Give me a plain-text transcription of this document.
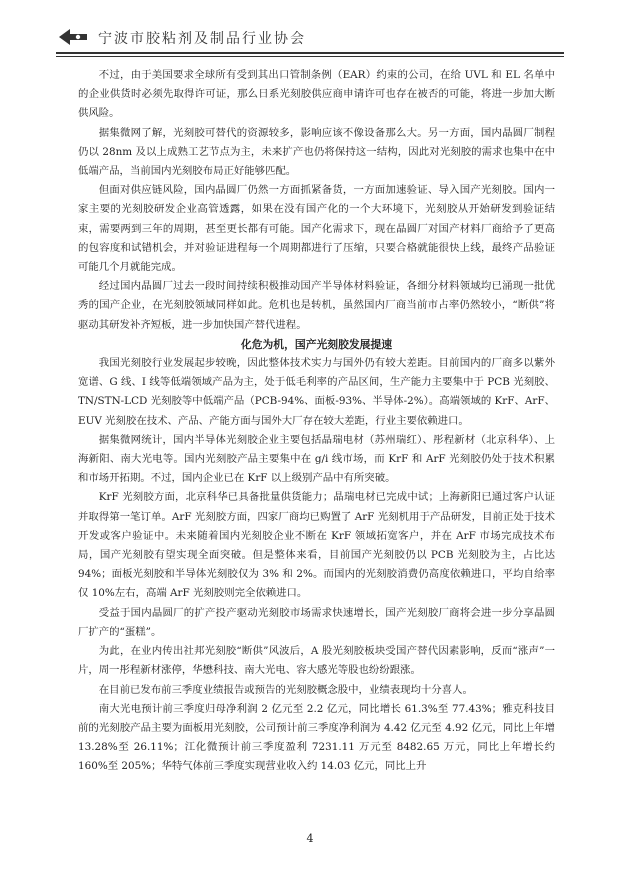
宁波市胶粘剂及制品行业协会

不过，由于美国要求全球所有受到其出口管制条例（EAR）约束的公司，在给 UVL 和 EL 名单中的企业供货时必须先取得许可证，那么日系光刻胶供应商申请许可也存在被否的可能，将进一步加大断供风险。

据集微网了解，光刻胶可替代的资源较多，影响应该不像设备那么大。另一方面，国内晶圆厂制程仍以 28nm 及以上成熟工艺节点为主，未来扩产也仍将保持这一结构，因此对光刻胶的需求也集中在中低端产品，当前国内光刻胶布局正好能够匹配。

但面对供应链风险，国内晶圆厂仍然一方面抓紧备货，一方面加速验证、导入国产光刻胶。国内一家主要的光刻胶研发企业高管透露，如果在没有国产化的一个大环境下，光刻胶从开始研发到验证结束，需要两到三年的周期，甚至更长都有可能。国产化需求下，现在晶圆厂对国产材料厂商给予了更高的包容度和试错机会，并对验证进程每一个周期都进行了压缩，只要合格就能很快上线，最终产品验证可能几个月就能完成。

经过国内晶圆厂过去一段时间持续积极推动国产半导体材料验证，各细分材料领域均已涌现一批优秀的国产企业，在光刻胶领域同样如此。危机也是转机，虽然国内厂商当前市占率仍然较小，“断供”将驱动其研发补齐短板，进一步加快国产替代进程。

化危为机，国产光刻胶发展提速

我国光刻胶行业发展起步较晚，因此整体技术实力与国外仍有较大差距。目前国内的厂商多以紫外宽谱、G 线、I 线等低端领域产品为主，处于低毛利率的产品区间，生产能力主要集中于 PCB 光刻胶、TN/STN-LCD 光刻胶等中低端产品（PCB-94%、面板-93%、半导体-2%）。高端领域的 KrF、ArF、EUV 光刻胶在技术、产品、产能方面与国外大厂存在较大差距，行业主要依赖进口。

据集微网统计，国内半导体光刻胶企业主要包括晶瑞电材（苏州瑞红）、彤程新材（北京科华）、上海新阳、南大光电等。国内光刻胶产品主要集中在 g/i 线市场，而 KrF 和 ArF 光刻胶仍处于技术积累和市场开拓期。不过，国内企业已在 KrF 以上级别产品中有所突破。

KrF 光刻胶方面，北京科华已具备批量供货能力；晶瑞电材已完成中试；上海新阳已通过客户认证并取得第一笔订单。ArF 光刻胶方面，四家厂商均已购置了 ArF 光刻机用于产品研发，目前正处于技术开发或客户验证中。未来随着国内光刻胶企业不断在 KrF 领域拓宽客户，并在 ArF 市场完成技术布局，国产光刻胶有望实现全面突破。但是整体来看，目前国产光刻胶仍以 PCB 光刻胶为主，占比达 94%；面板光刻胶和半导体光刻胶仅为 3% 和 2%。而国内的光刻胶消费仍高度依赖进口，平均自给率仅 10%左右，高端 ArF 光刻胶则完全依赖进口。

受益于国内晶圆厂的扩产投产驱动光刻胶市场需求快速增长，国产光刻胶厂商将会进一步分享晶圆厂扩产的“蛋糕”。

为此，在业内传出社邦光刻胶“断供”风波后，A 股光刻胶板块受国产替代因素影响，反而“涨声”一片，周一彤程新材涨停，华懋科技、南大光电、容大感光等股也纷纷跟涨。

在目前已发布前三季度业绩报告或预告的光刻胶概念股中，业绩表现均十分喜人。

南大光电预计前三季度归母净利润 2 亿元至 2.2 亿元，同比增长 61.3%至 77.43%；雅克科技目前的光刻胶产品主要为面板用光刻胶，公司预计前三季度净利润为 4.42 亿元至 4.92 亿元，同比上年增 13.28%至 26.11%；江化微预计前三季度盈利 7231.11 万元至 8482.65 万元，同比上年增长约 160%至 205%；华特气体前三季度实现营业收入约 14.03 亿元，同比上升

4
